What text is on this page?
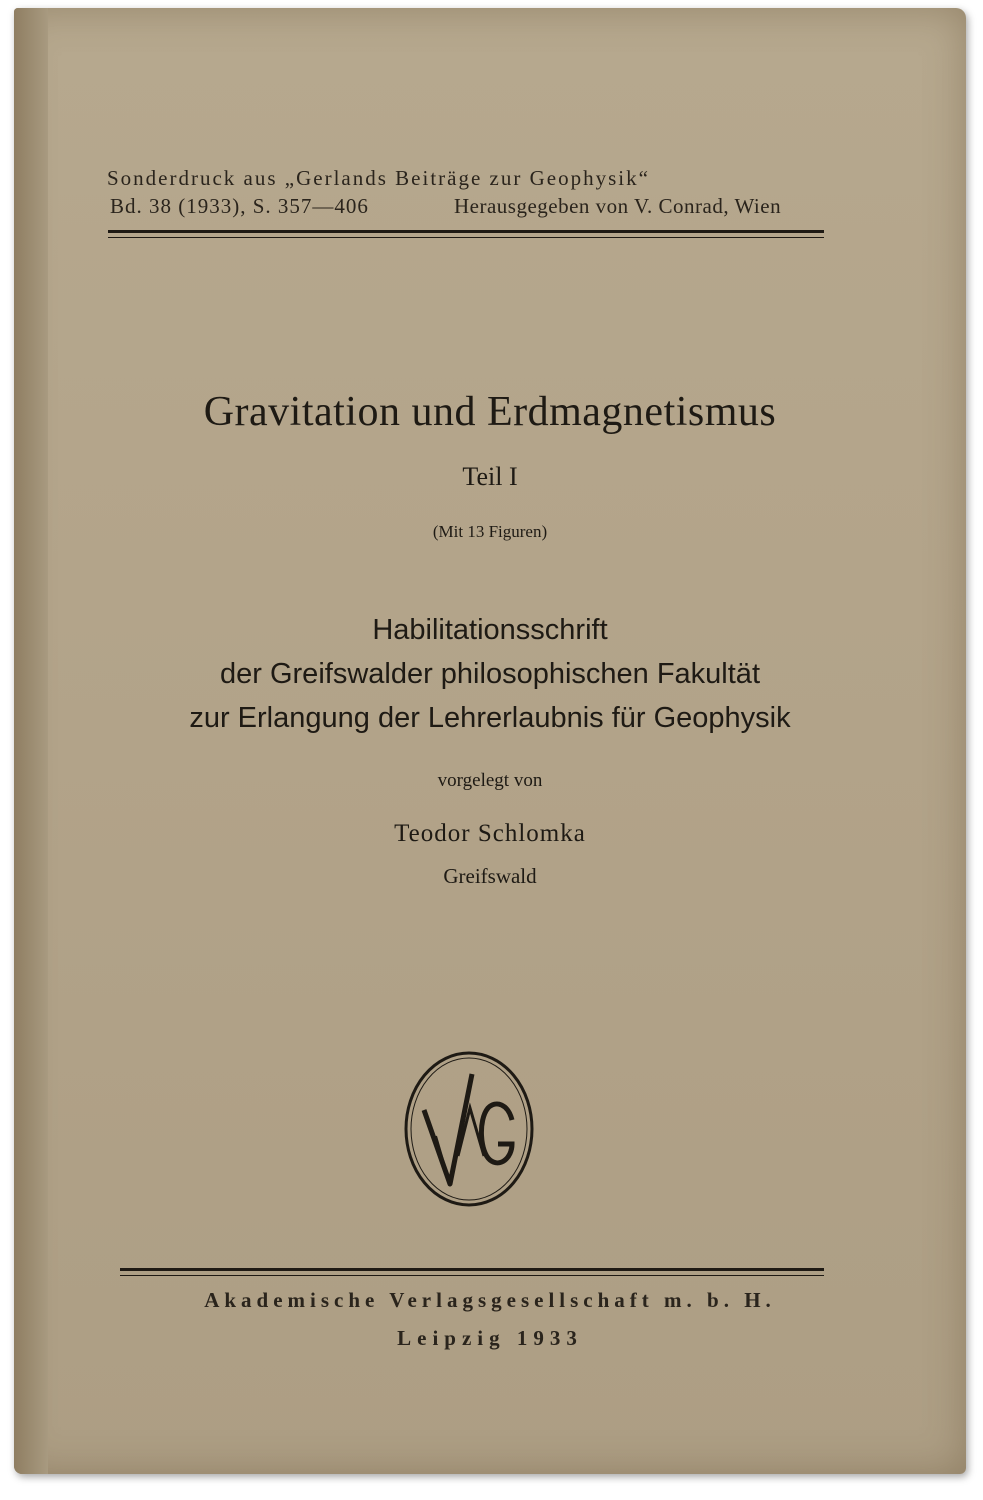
Sonderdruck aus „Gerlands Beiträge zur Geophysik“
Bd. 38 (1933), S. 357—406	Herausgegeben von V. Conrad, Wien
Gravitation und Erdmagnetismus
Teil I
(Mit 13 Figuren)
Habilitationsschrift
der Greifswalder philosophischen Fakultät
zur Erlangung der Lehrerlaubnis für Geophysik
vorgelegt von
Teodor Schlomka
Greifswald
Akademische Verlagsgesellschaft m. b. H.
Leipzig 1933
